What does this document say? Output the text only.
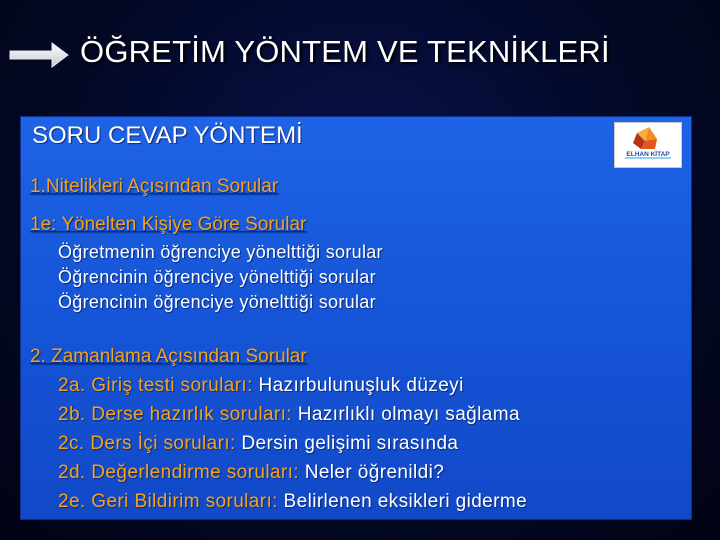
ÖĞRETİM YÖNTEM VE TEKNİKLERİ
ELHAN KİTAP

SORU CEVAP YÖNTEMİ

1.Nitelikleri Açısından Sorular

1e: Yönelten Kişiye Göre Sorular

Öğretmenin öğrenciye yönelttiği sorular

Öğrencinin öğrenciye yönelttiği sorular

Öğrencinin öğrenciye yönelttiği sorular

2. Zamanlama Açısından Sorular

2a. Giriş testi soruları: Hazırbulunuşluk düzeyi

2b. Derse hazırlık soruları: Hazırlıklı olmayı sağlama

2c. Ders İçi soruları: Dersin gelişimi sırasında

2d. Değerlendirme soruları: Neler öğrenildi?

2e. Geri Bildirim soruları: Belirlenen eksikleri giderme
